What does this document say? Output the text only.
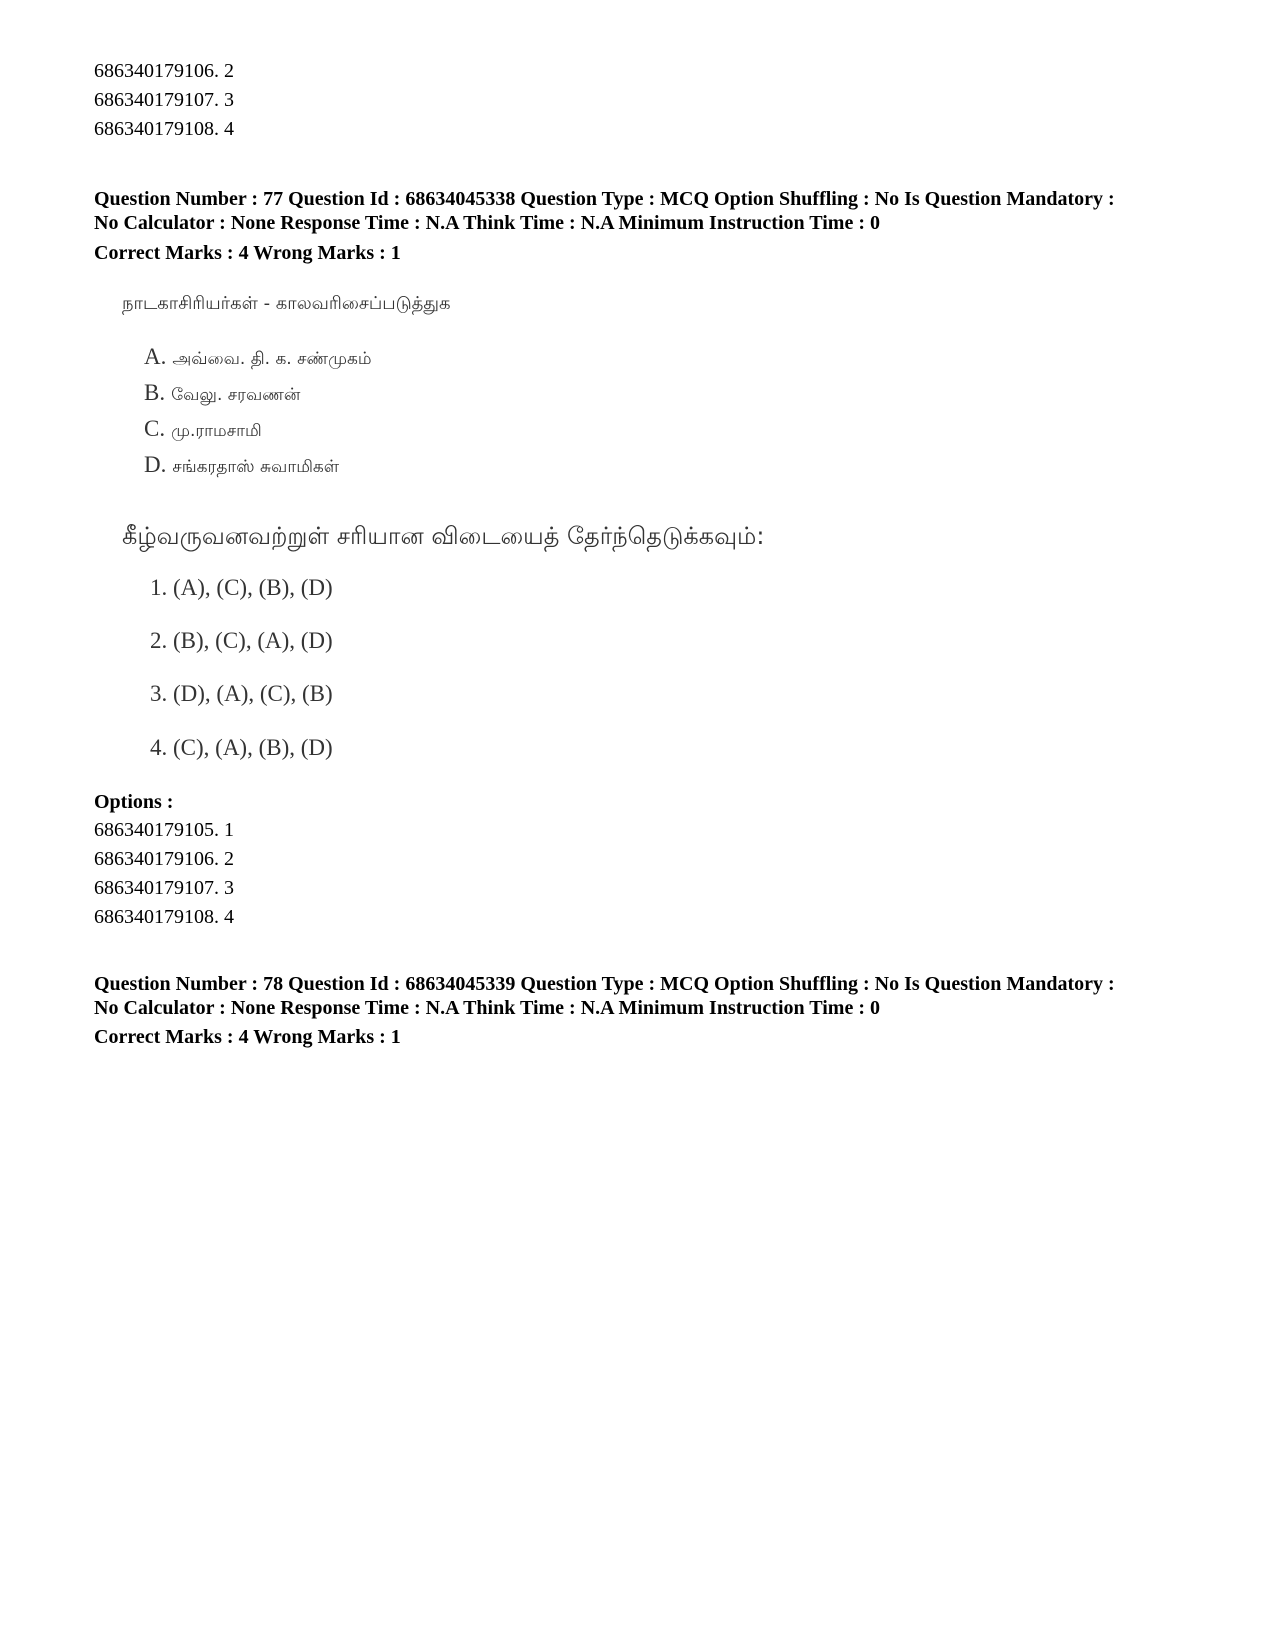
686340179106. 2
686340179107. 3
686340179108. 4
Question Number : 77 Question Id : 68634045338 Question Type : MCQ Option Shuffling : No Is Question Mandatory :
No Calculator : None Response Time : N.A Think Time : N.A Minimum Instruction Time : 0
Correct Marks : 4 Wrong Marks : 1
நாடகாசிரியர்கள் - காலவரிசைப்படுத்துக
A. அவ்வை. தி. க. சண்முகம்
B. வேலு. சரவணன்
C. மு.ராமசாமி
D. சங்கரதாஸ் சுவாமிகள்
கீழ்வருவனவற்றுள் சரியான விடையைத் தேர்ந்தெடுக்கவும்:
1. (A), (C), (B), (D)
2. (B), (C), (A), (D)
3. (D), (A), (C), (B)
4. (C), (A), (B), (D)
Options :
686340179105. 1
686340179106. 2
686340179107. 3
686340179108. 4
Question Number : 78 Question Id : 68634045339 Question Type : MCQ Option Shuffling : No Is Question Mandatory :
No Calculator : None Response Time : N.A Think Time : N.A Minimum Instruction Time : 0
Correct Marks : 4 Wrong Marks : 1
